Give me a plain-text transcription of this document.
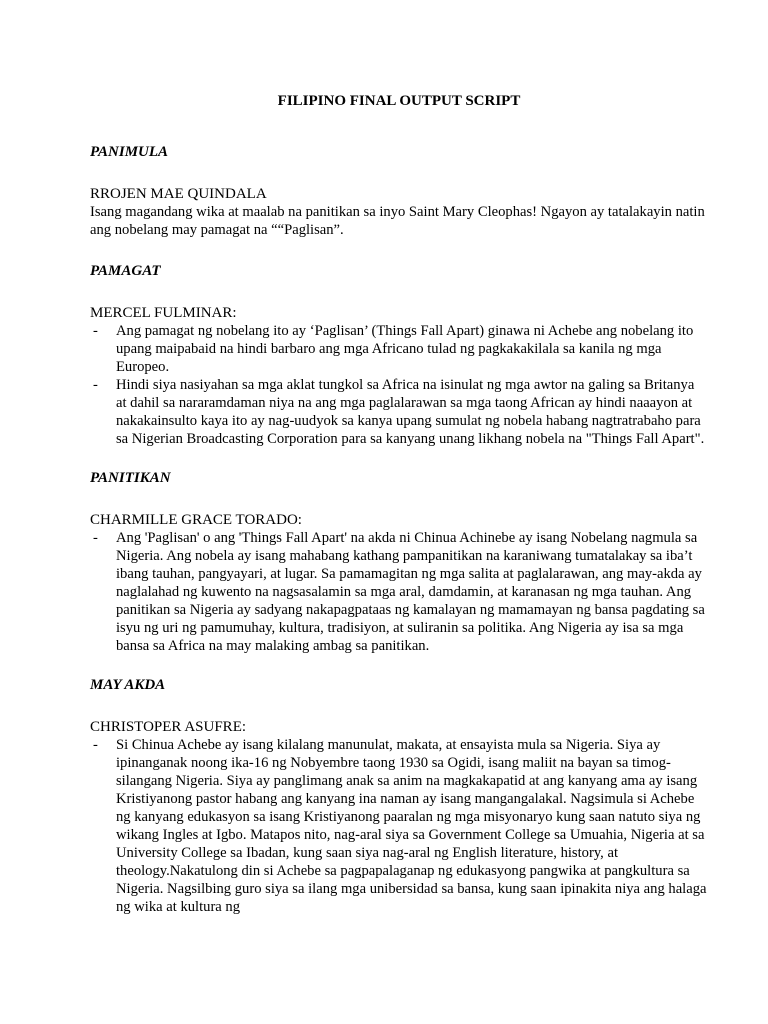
FILIPINO FINAL OUTPUT SCRIPT
PANIMULA
RROJEN MAE QUINDALA
Isang magandang wika at maalab na panitikan sa inyo Saint Mary Cleophas! Ngayon ay tatalakayin natin ang nobelang may pamagat na ““Paglisan”.
PAMAGAT
MERCEL FULMINAR:
- Ang pamagat ng nobelang ito ay ‘Paglisan’ (Things Fall Apart) ginawa ni Achebe ang nobelang ito upang maipabaid na hindi barbaro ang mga Africano tulad ng pagkakakilala sa kanila ng mga Europeo.
- Hindi siya nasiyahan sa mga aklat tungkol sa Africa na isinulat ng mga awtor na galing sa Britanya at dahil sa nararamdaman niya na ang mga paglalarawan sa mga taong African ay hindi naaayon at nakakainsulto kaya ito ay nag-uudyok sa kanya upang sumulat ng nobela habang nagtratrabaho para sa Nigerian Broadcasting Corporation para sa kanyang unang likhang nobela na "Things Fall Apart".
PANITIKAN
CHARMILLE GRACE TORADO:
- Ang 'Paglisan' o ang 'Things Fall Apart' na akda ni Chinua Achinebe ay isang Nobelang nagmula sa Nigeria. Ang nobela ay isang mahabang kathang pampanitikan na karaniwang tumatalakay sa iba’t ibang tauhan, pangyayari, at lugar. Sa pamamagitan ng mga salita at paglalarawan, ang may-akda ay naglalahad ng kuwento na nagsasalamin sa mga aral, damdamin, at karanasan ng mga tauhan. Ang panitikan sa Nigeria ay sadyang nakapagpataas ng kamalayan ng mamamayan ng bansa pagdating sa isyu ng uri ng pamumuhay, kultura, tradisiyon, at suliranin sa politika. Ang Nigeria ay isa sa mga bansa sa Africa na may malaking ambag sa panitikan.
MAY AKDA
CHRISTOPER ASUFRE:
- Si Chinua Achebe ay isang kilalang manunulat, makata, at ensayista mula sa Nigeria. Siya ay ipinanganak noong ika-16 ng Nobyembre taong 1930 sa Ogidi, isang maliit na bayan sa timog-silangang Nigeria. Siya ay panglimang anak sa anim na magkakapatid at ang kanyang ama ay isang Kristiyanong pastor habang ang kanyang ina naman ay isang mangangalakal. Nagsimula si Achebe ng kanyang edukasyon sa isang Kristiyanong paaralan ng mga misyonaryo kung saan natuto siya ng wikang Ingles at Igbo. Matapos nito, nag-aral siya sa Government College sa Umuahia, Nigeria at sa University College sa Ibadan, kung saan siya nag-aral ng English literature, history, at theology.Nakatulong din si Achebe sa pagpapalaganap ng edukasyong pangwika at pangkultura sa Nigeria. Nagsilbing guro siya sa ilang mga unibersidad sa bansa, kung saan ipinakita niya ang halaga ng wika at kultura ng
